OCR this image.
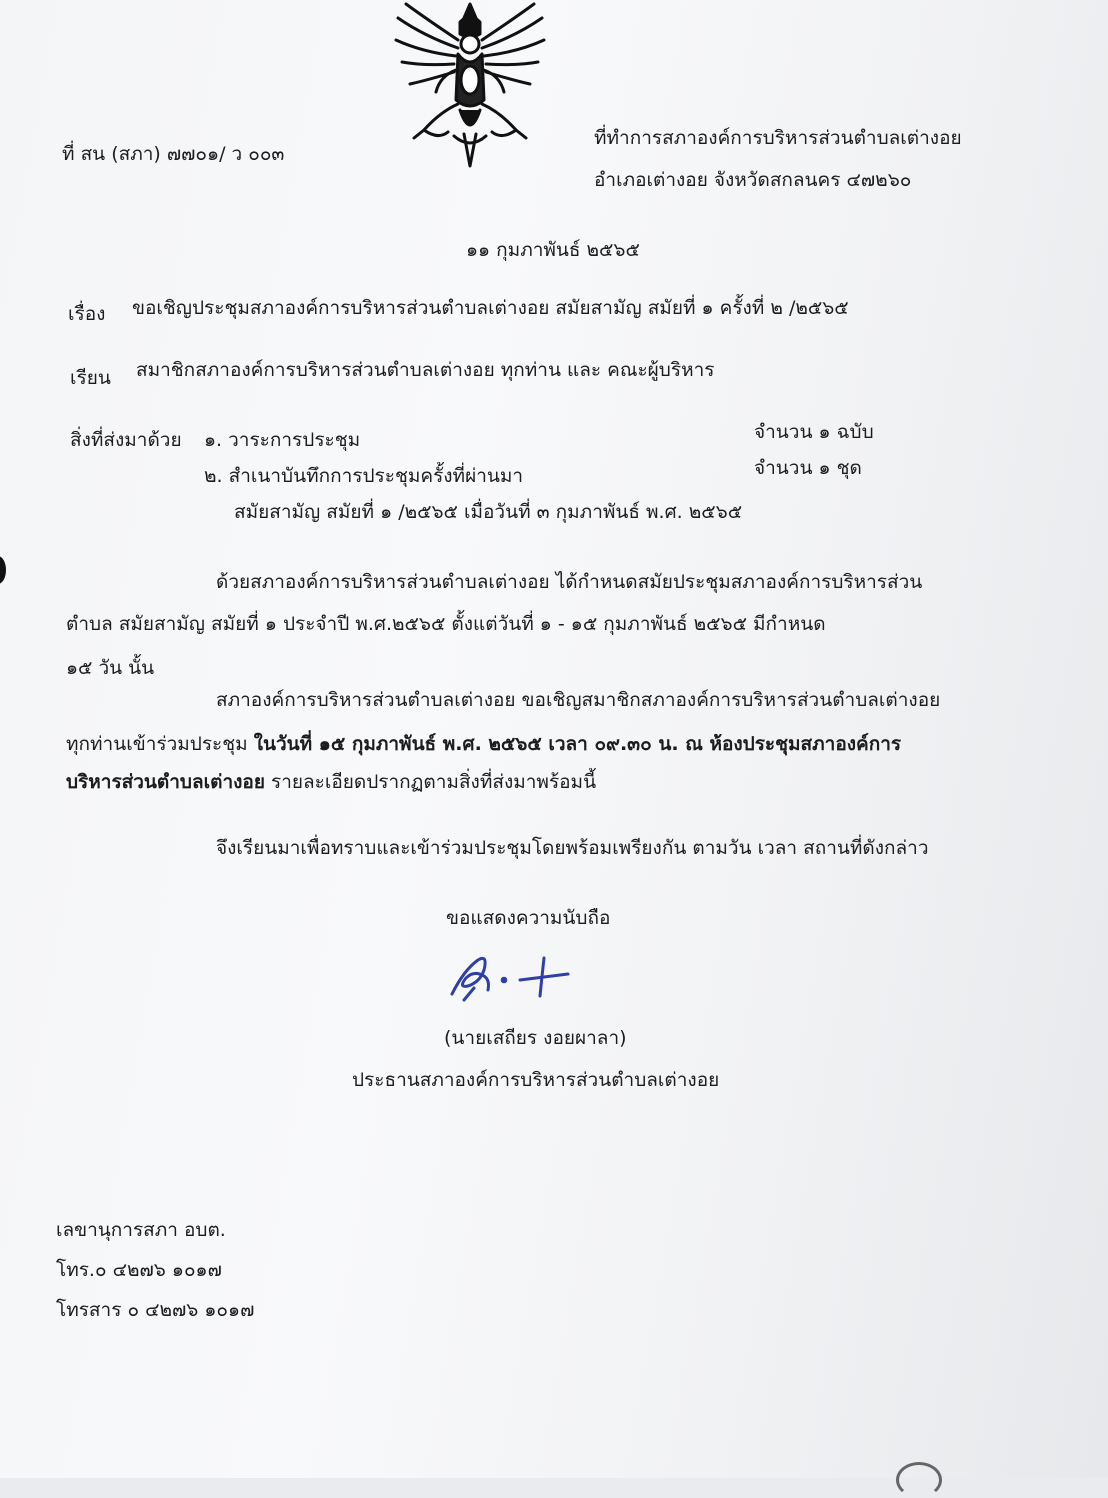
ที่ สน (สภา) ๗๗๐๑/ ว ๐๐๓
ที่ทำการสภาองค์การบริหารส่วนตำบลเต่างอย
อำเภอเต่างอย จังหวัดสกลนคร ๔๗๒๖๐
๑๑ กุมภาพันธ์ ๒๕๖๕
เรื่อง ขอเชิญประชุมสภาองค์การบริหารส่วนตำบลเต่างอย สมัยสามัญ สมัยที่ ๑ ครั้งที่ ๒ /๒๕๖๕
เรียน สมาชิกสภาองค์การบริหารส่วนตำบลเต่างอย ทุกท่าน และ คณะผู้บริหาร
สิ่งที่ส่งมาด้วย ๑. วาระการประชุม	จำนวน ๑ ฉบับ
๒. สำเนาบันทึกการประชุมครั้งที่ผ่านมา	จำนวน ๑ ชุด
สมัยสามัญ สมัยที่ ๑ /๒๕๖๕ เมื่อวันที่ ๓ กุมภาพันธ์ พ.ศ. ๒๕๖๕
ด้วยสภาองค์การบริหารส่วนตำบลเต่างอย ได้กำหนดสมัยประชุมสภาองค์การบริหารส่วน
ตำบล สมัยสามัญ สมัยที่ ๑ ประจำปี พ.ศ.๒๕๖๕ ตั้งแต่วันที่ ๑ - ๑๕ กุมภาพันธ์ ๒๕๖๕ มีกำหนด
๑๕ วัน นั้น
สภาองค์การบริหารส่วนตำบลเต่างอย ขอเชิญสมาชิกสภาองค์การบริหารส่วนตำบลเต่างอย
ทุกท่านเข้าร่วมประชุม ในวันที่ ๑๕ กุมภาพันธ์ พ.ศ. ๒๕๖๕ เวลา ๐๙.๓๐ น. ณ ห้องประชุมสภาองค์การ
บริหารส่วนตำบลเต่างอย รายละเอียดปรากฏตามสิ่งที่ส่งมาพร้อมนี้
จึงเรียนมาเพื่อทราบและเข้าร่วมประชุมโดยพร้อมเพรียงกัน ตามวัน เวลา สถานที่ดังกล่าว
ขอแสดงความนับถือ
(นายเสถียร งอยผาลา)
ประธานสภาองค์การบริหารส่วนตำบลเต่างอย
เลขานุการสภา อบต.
โทร.๐ ๔๒๗๖ ๑๐๑๗
โทรสาร ๐ ๔๒๗๖ ๑๐๑๗
